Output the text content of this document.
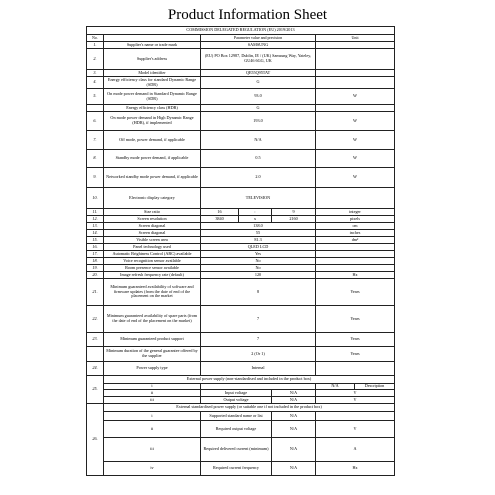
Product Information Sheet
COMMISSION DELEGATED REGULATION (EU) 2019/2013						
No.		Parameter value and precision			Unit	
1.	Supplier's name or trade mark	SAMSUNG				
2.	Supplier's address	(EU) PO Box 12987, Dublin, IE / (UK) Samsung Way, Yateley, GU46 6GG, UK				
3.	Model identifier	QE55Q95TAT				
4.	Energy efficiency class for standard Dynamic Range (SDR)	G				
5.	On mode power demand in Standard Dynamic Range (SDR)	93.0			W	
	Energy efficiency class (HDR)	G				
6.	On mode power demand in High Dynamic Range (HDR), if implemented	193.0			W	
7.	Off mode, power demand, if applicable	N/A			W	
8.	Standby mode power demand, if applicable	0.5			W	
9.	Networked standby mode power demand, if applicable	2.0			W	
10.	Electronic display category	TELEVISION				
11.	Size ratio	16	:	9	integer	
12.	Screen resolution	3840	x	2160	pixels	
13.	Screen diagonal	138.0			cm	
14.	Screen diagonal	55			inches	
15.	Visible screen area	81.3			dm²	
16.	Panel technology used	QLED LCD				
17.	Automatic Brightness Control (ABC) available	Yes				
18.	Voice recognition sensor available	No				
19.	Room presence sensor available	No				
20.	Image refresh frequency rate (default)	120			Hz	
21.	Minimum guaranteed availability of software and firmware updates (from the date of end of the placement on the market	8			Years	
22.	Minimum guaranteed availability of spare parts (from the date of end of the placement on the market)	7			Years	
23.	Minimum guaranteed product support	7			Years	
	Minimum duration of the general guarantee offered by the supplier	2 (Or 1)			Years	
24.	Power supply type	Internal				
25.	External power supply (non-standardised and included in the product box)					
	i				N/A	Description
	ii	Input voltage		N/A	V	
	iii	Output voltage		N/A	V	
26.	External standardised power supply (or suitable one if not included in the product box)					
	i	Supported standard name or list		N/A		
	ii	Required output voltage		N/A	V	
	iii	Required delivered current (minimum)		N/A	A	
	iv	Required current frequency		N/A	Hz	
